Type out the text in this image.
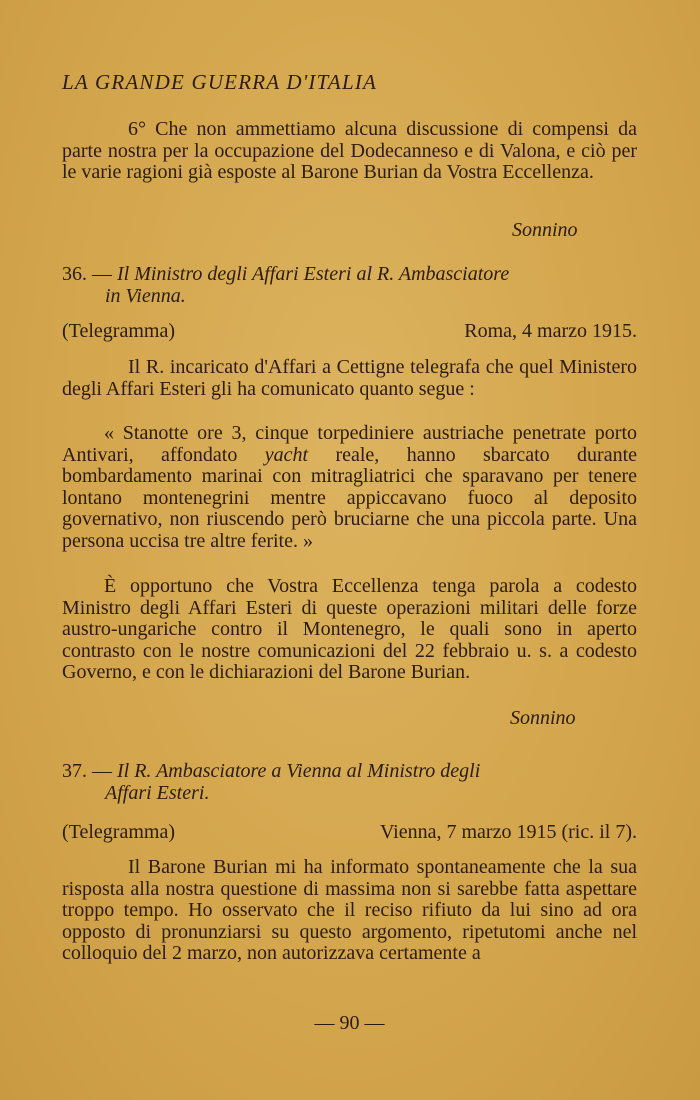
LA GRANDE GUERRA D'ITALIA
6° Che non ammettiamo alcuna discussione di compensi da parte nostra per la occupazione del Dodecanneso e di Valona, e ciò per le varie ragioni già esposte al Barone Burian da Vostra Eccellenza.
Sonnino
36. — Il Ministro degli Affari Esteri al R. Ambasciatore
in Vienna.
(Telegramma)	Roma, 4 marzo 1915.
Il R. incaricato d'Affari a Cettigne telegrafa che quel Ministero degli Affari Esteri gli ha comunicato quanto segue :
« Stanotte ore 3, cinque torpediniere austriache penetrate porto Antivari, affondato yacht reale, hanno sbarcato durante bombardamento marinai con mitragliatrici che sparavano per tenere lontano montenegrini mentre appiccavano fuoco al deposito governativo, non riuscendo però bruciarne che una piccola parte. Una persona uccisa tre altre ferite. »
È opportuno che Vostra Eccellenza tenga parola a codesto Ministro degli Affari Esteri di queste operazioni militari delle forze austro-ungariche contro il Montenegro, le quali sono in aperto contrasto con le nostre comunicazioni del 22 febbraio u. s. a codesto Governo, e con le dichiarazioni del Barone Burian.
Sonnino
37. — Il R. Ambasciatore a Vienna al Ministro degli
Affari Esteri.
(Telegramma)	Vienna, 7 marzo 1915 (ric. il 7).
Il Barone Burian mi ha informato spontaneamente che la sua risposta alla nostra questione di massima non si sarebbe fatta aspettare troppo tempo. Ho osservato che il reciso rifiuto da lui sino ad ora opposto di pronunziarsi su questo argomento, ripetutomi anche nel colloquio del 2 marzo, non autorizzava certamente a
— 90 —
